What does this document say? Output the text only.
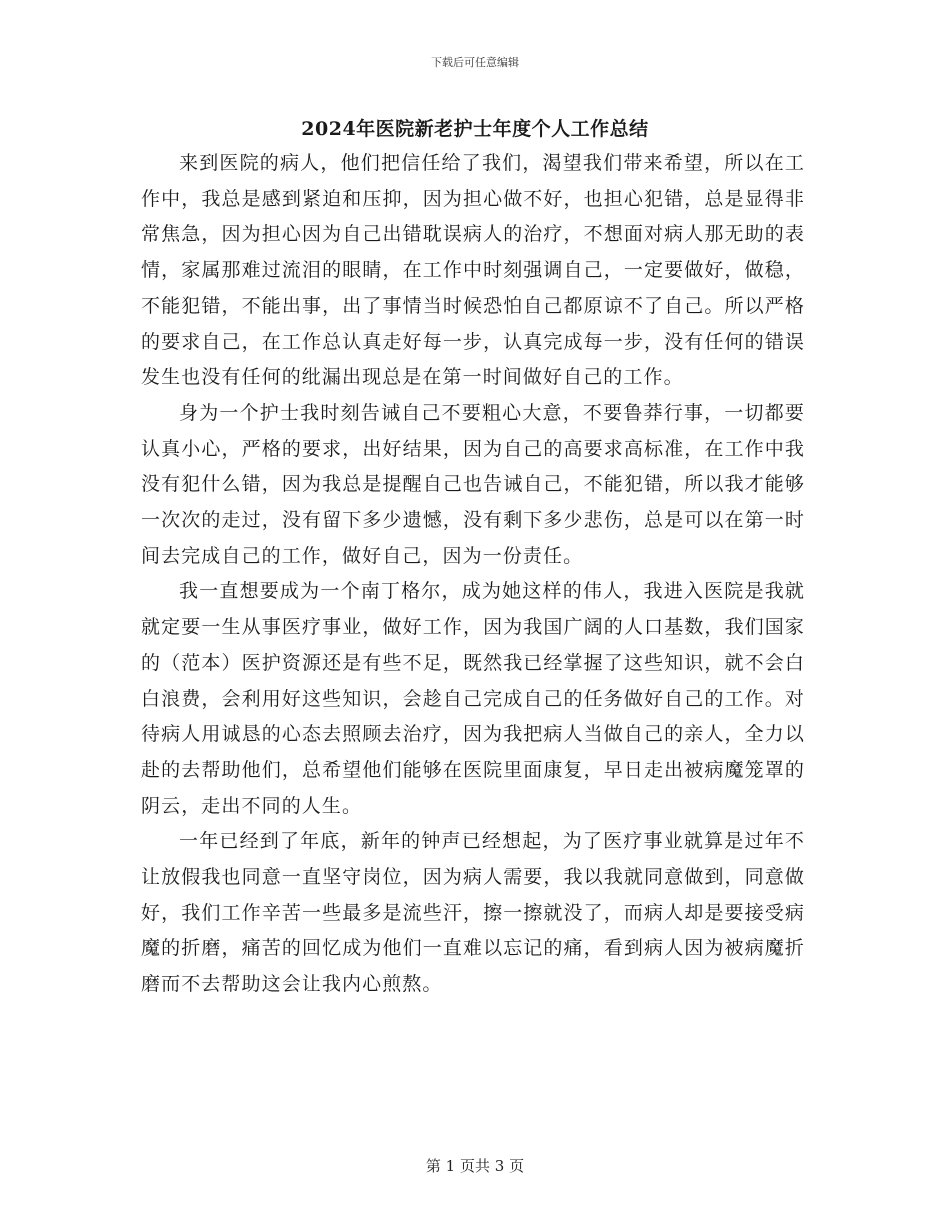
下载后可任意编辑
2024年医院新老护士年度个人工作总结

来到医院的病人，他们把信任给了我们，渴望我们带来希望，所以在工作中，我总是感到紧迫和压抑，因为担心做不好，也担心犯错，总是显得非常焦急，因为担心因为自己出错耽误病人的治疗，不想面对病人那无助的表情，家属那难过流泪的眼睛，在工作中时刻强调自己，一定要做好，做稳，不能犯错，不能出事，出了事情当时候恐怕自己都原谅不了自己。所以严格的要求自己，在工作总认真走好每一步，认真完成每一步，没有任何的错误发生也没有任何的纰漏出现总是在第一时间做好自己的工作。

身为一个护士我时刻告诫自己不要粗心大意，不要鲁莽行事，一切都要认真小心，严格的要求，出好结果，因为自己的高要求高标准，在工作中我没有犯什么错，因为我总是提醒自己也告诫自己，不能犯错，所以我才能够一次次的走过，没有留下多少遗憾，没有剩下多少悲伤，总是可以在第一时间去完成自己的工作，做好自己，因为一份责任。

我一直想要成为一个南丁格尔，成为她这样的伟人，我进入医院是我就就定要一生从事医疗事业，做好工作，因为我国广阔的人口基数，我们国家的（范本）医护资源还是有些不足，既然我已经掌握了这些知识，就不会白白浪费，会利用好这些知识，会趁自己完成自己的任务做好自己的工作。对待病人用诚恳的心态去照顾去治疗，因为我把病人当做自己的亲人，全力以赴的去帮助他们，总希望他们能够在医院里面康复，早日走出被病魔笼罩的阴云，走出不同的人生。

一年已经到了年底，新年的钟声已经想起，为了医疗事业就算是过年不让放假我也同意一直坚守岗位，因为病人需要，我以我就同意做到，同意做好，我们工作辛苦一些最多是流些汗，擦一擦就没了，而病人却是要接受病魔的折磨，痛苦的回忆成为他们一直难以忘记的痛，看到病人因为被病魔折磨而不去帮助这会让我内心煎熬。

第 1 页共 3 页
